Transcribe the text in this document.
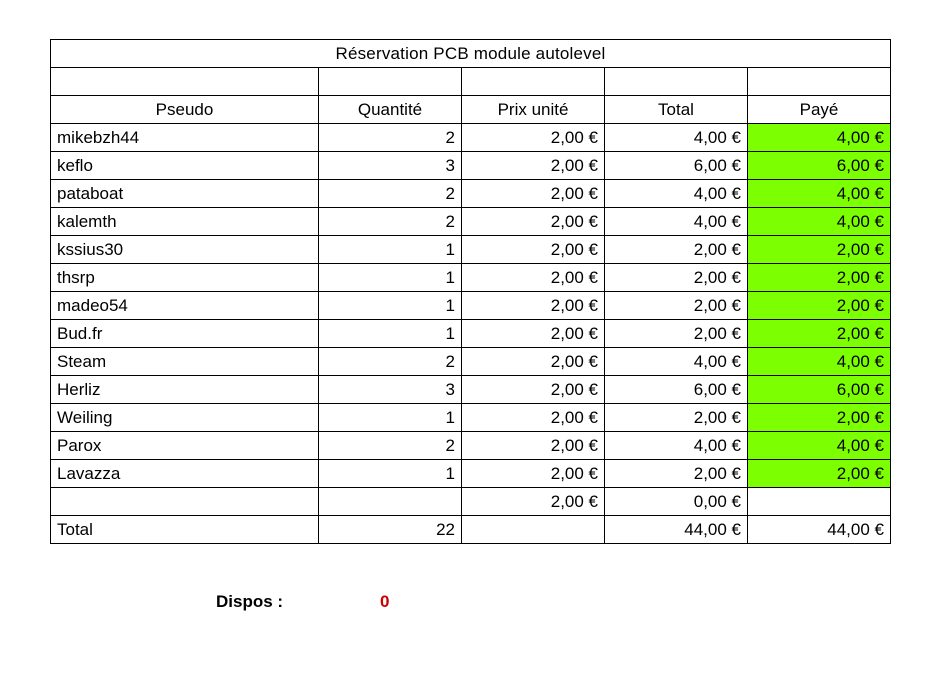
Réservation PCB module autolevel				

Pseudo	Quantité	Prix unité	Total	Payé
mikebzh44	2	2,00 €	4,00 €	4,00 €
keflo	3	2,00 €	6,00 €	6,00 €
pataboat	2	2,00 €	4,00 €	4,00 €
kalemth	2	2,00 €	4,00 €	4,00 €
kssius30	1	2,00 €	2,00 €	2,00 €
thsrp	1	2,00 €	2,00 €	2,00 €
madeo54	1	2,00 €	2,00 €	2,00 €
Bud.fr	1	2,00 €	2,00 €	2,00 €
Steam	2	2,00 €	4,00 €	4,00 €
Herliz	3	2,00 €	6,00 €	6,00 €
Weiling	1	2,00 €	2,00 €	2,00 €
Parox	2	2,00 €	4,00 €	4,00 €
Lavazza	1	2,00 €	2,00 €	2,00 €
		2,00 €	0,00 €	
Total	22		44,00 €	44,00 €
Dispos :	0
